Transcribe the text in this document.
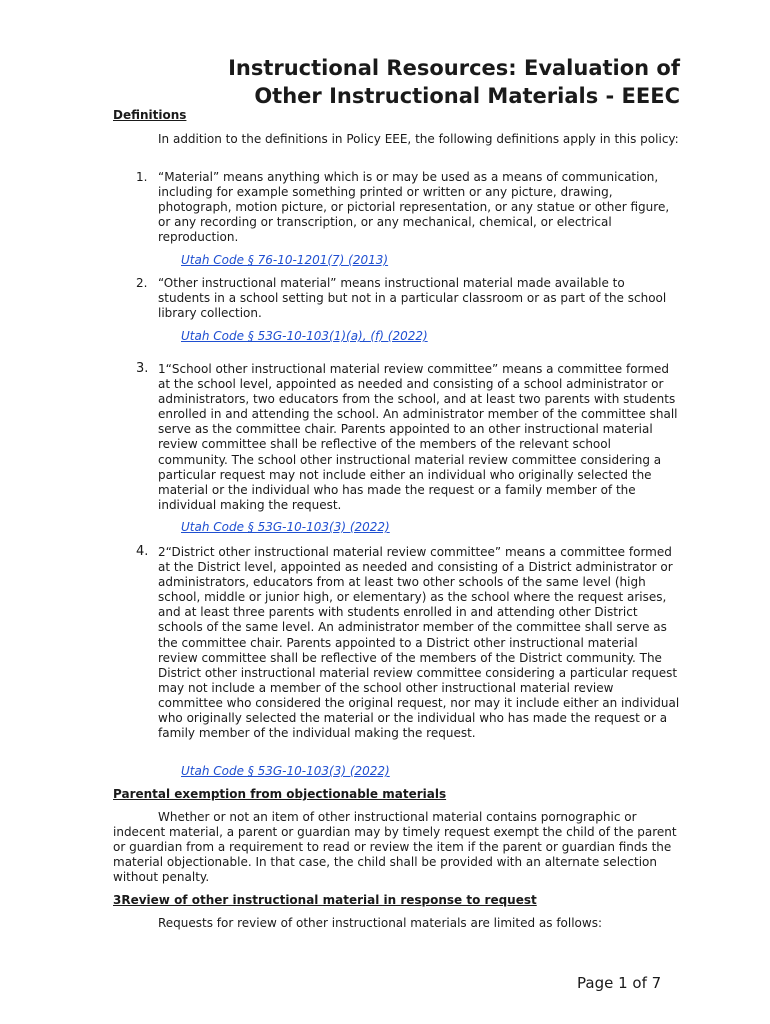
Instructional Resources: Evaluation of
Other Instructional Materials - EEEC
Definitions
In addition to the definitions in Policy EEE, the following definitions apply in this policy:
1. “Material” means anything which is or may be used as a means of communication, including for example something printed or written or any picture, drawing, photograph, motion picture, or pictorial representation, or any statue or other figure, or any recording or transcription, or any mechanical, chemical, or electrical reproduction.
Utah Code § 76-10-1201(7) (2013)
2. “Other instructional material” means instructional material made available to students in a school setting but not in a particular classroom or as part of the school library collection.
Utah Code § 53G-10-103(1)(a), (f) (2022)
3. 1“School other instructional material review committee” means a committee formed at the school level, appointed as needed and consisting of a school administrator or administrators, two educators from the school, and at least two parents with students enrolled in and attending the school. An administrator member of the committee shall serve as the committee chair. Parents appointed to an other instructional material review committee shall be reflective of the members of the relevant school community. The school other instructional material review committee considering a particular request may not include either an individual who originally selected the material or the individual who has made the request or a family member of the individual making the request.
Utah Code § 53G-10-103(3) (2022)
4. 2“District other instructional material review committee” means a committee formed at the District level, appointed as needed and consisting of a District administrator or administrators, educators from at least two other schools of the same level (high school, middle or junior high, or elementary) as the school where the request arises, and at least three parents with students enrolled in and attending other District schools of the same level. An administrator member of the committee shall serve as the committee chair. Parents appointed to a District other instructional material review committee shall be reflective of the members of the District community. The District other instructional material review committee considering a particular request may not include a member of the school other instructional material review committee who considered the original request, nor may it include either an individual who originally selected the material or the individual who has made the request or a family member of the individual making the request.
Utah Code § 53G-10-103(3) (2022)
Parental exemption from objectionable materials
Whether or not an item of other instructional material contains pornographic or indecent material, a parent or guardian may by timely request exempt the child of the parent or guardian from a requirement to read or review the item if the parent or guardian finds the material objectionable. In that case, the child shall be provided with an alternate selection without penalty.
3Review of other instructional material in response to request
Requests for review of other instructional materials are limited as follows:
Page 1 of 7
